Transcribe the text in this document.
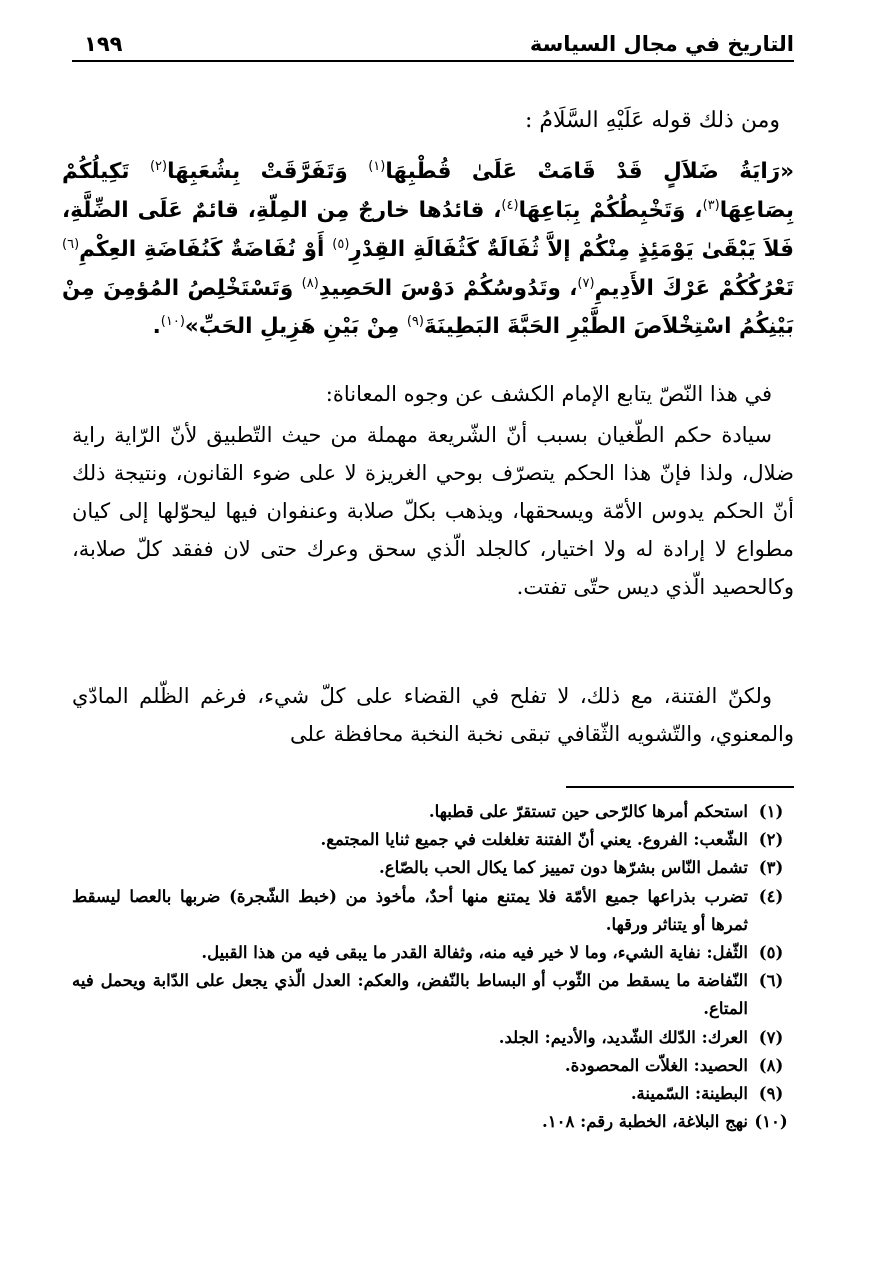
التاريخ في مجال السياسة
١٩٩
ومن ذلك قوله عَلَيْهِ السَّلَامُ :
«رَايَةُ ضَلاَلٍ قَدْ قَامَتْ عَلَىٰ قُطْبِهَا$^{(١)}$ وَتَفَرَّقَتْ بِشُعَبِهَا$^{(٢)}$ تَكِيلُكُمْ بِصَاعِهَا$^{(٣)}$، وَتَخْبِطُكُمْ بِبَاعِهَا$^{(٤)}$، قائدُها خارجٌ مِن المِلّةِ، قائمٌ عَلَى الضِّلَّةِ، فَلاَ يَبْقَىٰ يَوْمَئِذٍ مِنْكُمْ إلاَّ ثُفَالَةٌ كَثُفَالَةِ القِدْرِ$^{(٥)}$ أَوْ نُفَاضَةٌ كَنُفَاضَةِ العِكْمِ$^{(٦)}$ تَعْرُكُكُمْ عَرْكَ الأَدِيمِ$^{(٧)}$، وتَدُوسُكُمْ دَوْسَ الحَصِيدِ$^{(٨)}$ وَتَسْتَخْلِصُ المُؤمِنَ مِنْ بَيْنِكُمُ اسْتِخْلاَصَ الطَّيْرِ الحَبَّةَ البَطِينَةَ$^{(٩)}$ مِنْ بَيْنِ هَزِيلِ الحَبِّ»$^{(١٠)}$.
في هذا النّصّ يتابع الإمام الكشف عن وجوه المعاناة:
سيادة حكم الطّغيان بسبب أنّ الشّريعة مهملة من حيث التّطبيق لأنّ الرّاية راية ضلال، ولذا فإنّ هذا الحكم يتصرّف بوحي الغريزة لا على ضوء القانون، ونتيجة ذلك أنّ الحكم يدوس الأمّة ويسحقها، ويذهب بكلّ صلابة وعنفوان فيها ليحوّلها إلى كيان مطواع لا إرادة له ولا اختيار، كالجلد الّذي سحق وعرك حتى لان ففقد كلّ صلابة، وكالحصيد الّذي ديس حتّى تفتت.
ولكنّ الفتنة، مع ذلك، لا تفلح في القضاء على كلّ شيء، فرغم الظّلم المادّي والمعنوي، والتّشويه الثّقافي تبقى نخبة النخبة محافظة على
(١)
استحكم أمرها كالرّحى حين تستقرّ على قطبها.
(٢)
الشّعب: الفروع. يعني أنّ الفتنة تغلغلت في جميع ثنايا المجتمع.
(٣)
تشمل النّاس بشرّها دون تمييز كما يكال الحب بالصّاع.
(٤)
تضرب بذراعها جميع الأمّة فلا يمتنع منها أحدٌ، مأخوذ من (خبط الشّجرة) ضربها بالعصا ليسقط ثمرها أو يتناثر ورقها.
(٥)
الثّفل: نفاية الشيء، وما لا خير فيه منه، وثفالة القدر ما يبقى فيه من هذا القبيل.
(٦)
النّفاضة ما يسقط من الثّوب أو البساط بالنّفض، والعكم: العدل الّذي يجعل على الدّابة ويحمل فيه المتاع.
(٧)
العرك: الدّلك الشّديد، والأديم: الجلد.
(٨)
الحصيد: الغلاّت المحصودة.
(٩)
البطينة: السّمينة.
(١٠)
نهج البلاغة، الخطبة رقم: ١٠٨.
